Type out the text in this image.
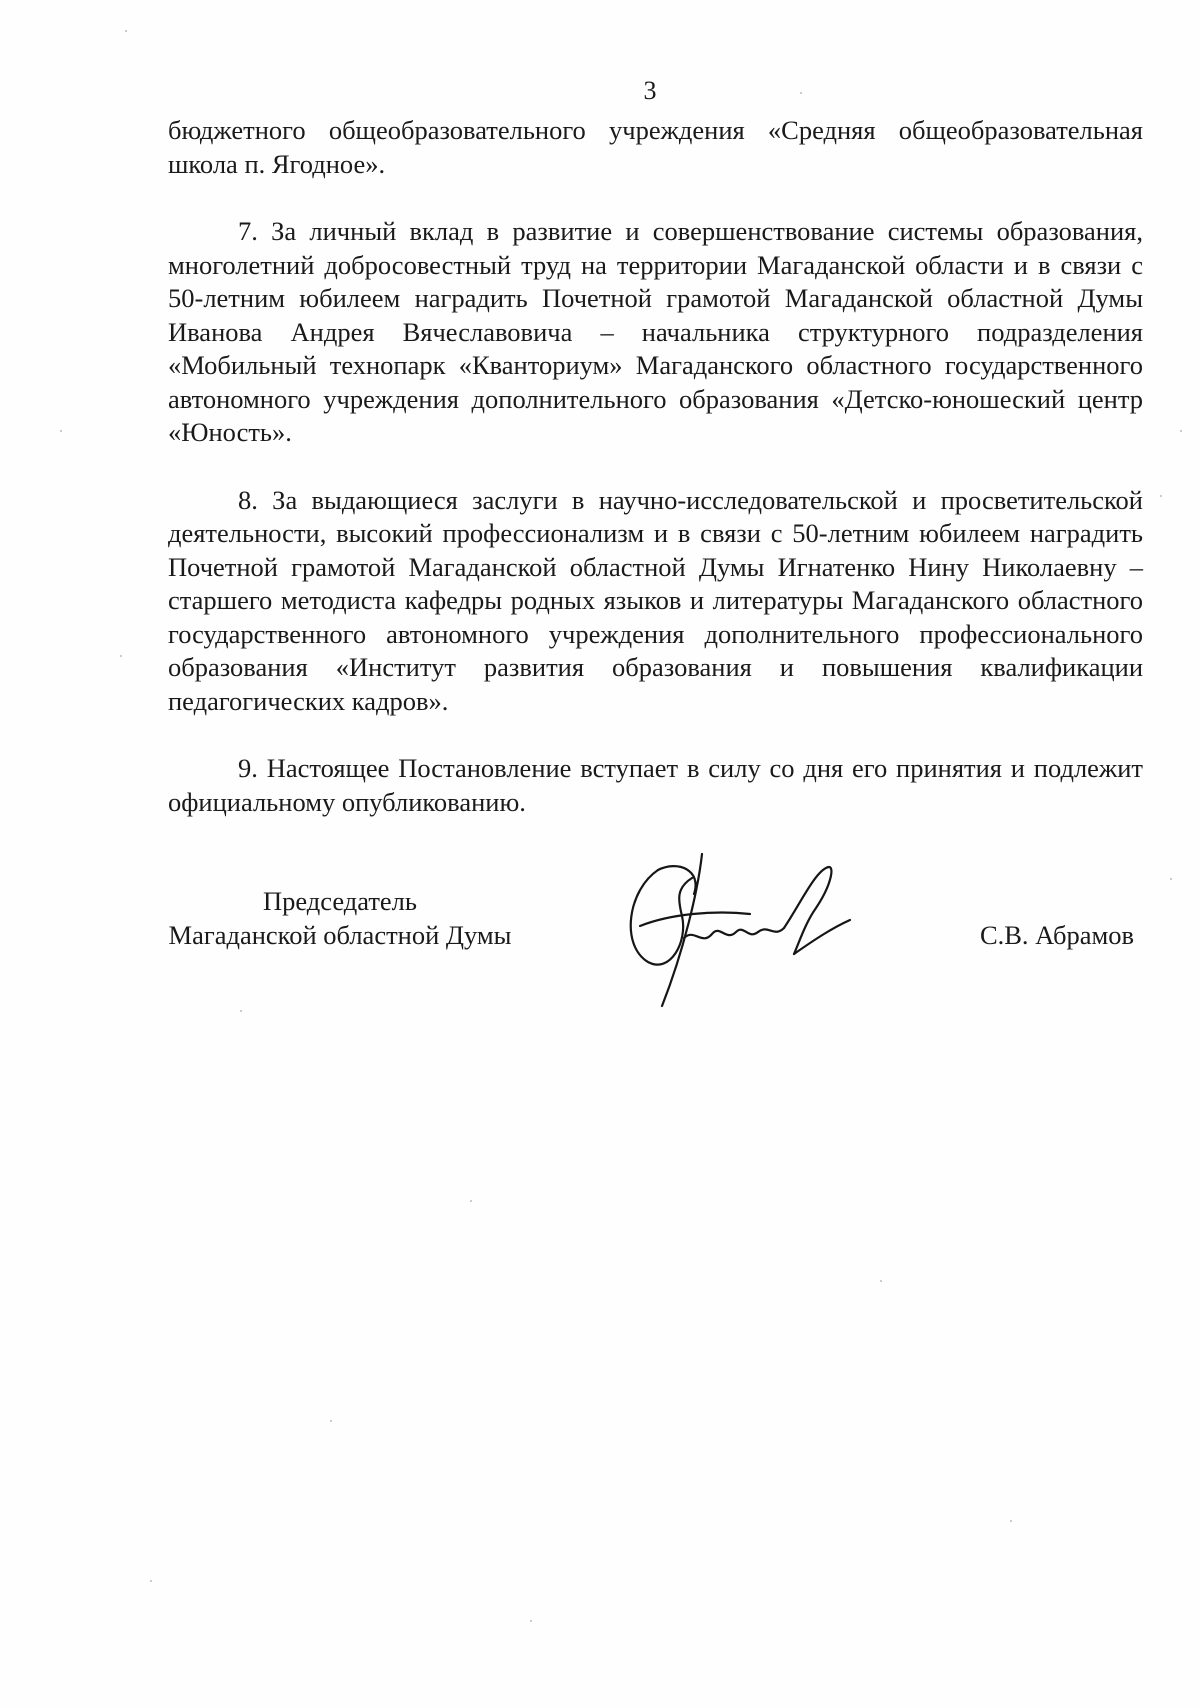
3

бюджетного общеобразовательного учреждения «Средняя общеобразовательная школа п. Ягодное».

7. За личный вклад в развитие и совершенствование системы образования, многолетний добросовестный труд на территории Магаданской области и в связи с 50-летним юбилеем наградить Почетной грамотой Магаданской областной Думы Иванова Андрея Вячеславовича – начальника структурного подразделения «Мобильный технопарк «Кванториум» Магаданского областного государственного автономного учреждения дополнительного образования «Детско-юношеский центр «Юность».

8. За выдающиеся заслуги в научно-исследовательской и просветительской деятельности, высокий профессионализм и в связи с 50-летним юбилеем наградить Почетной грамотой Магаданской областной Думы Игнатенко Нину Николаевну – старшего методиста кафедры родных языков и литературы Магаданского областного государственного автономного учреждения дополнительного профессионального образования «Институт развития образования и повышения квалификации педагогических кадров».

9. Настоящее Постановление вступает в силу со дня его принятия и подлежит официальному опубликованию.

Председатель
Магаданской областной Думы	С.В. Абрамов
